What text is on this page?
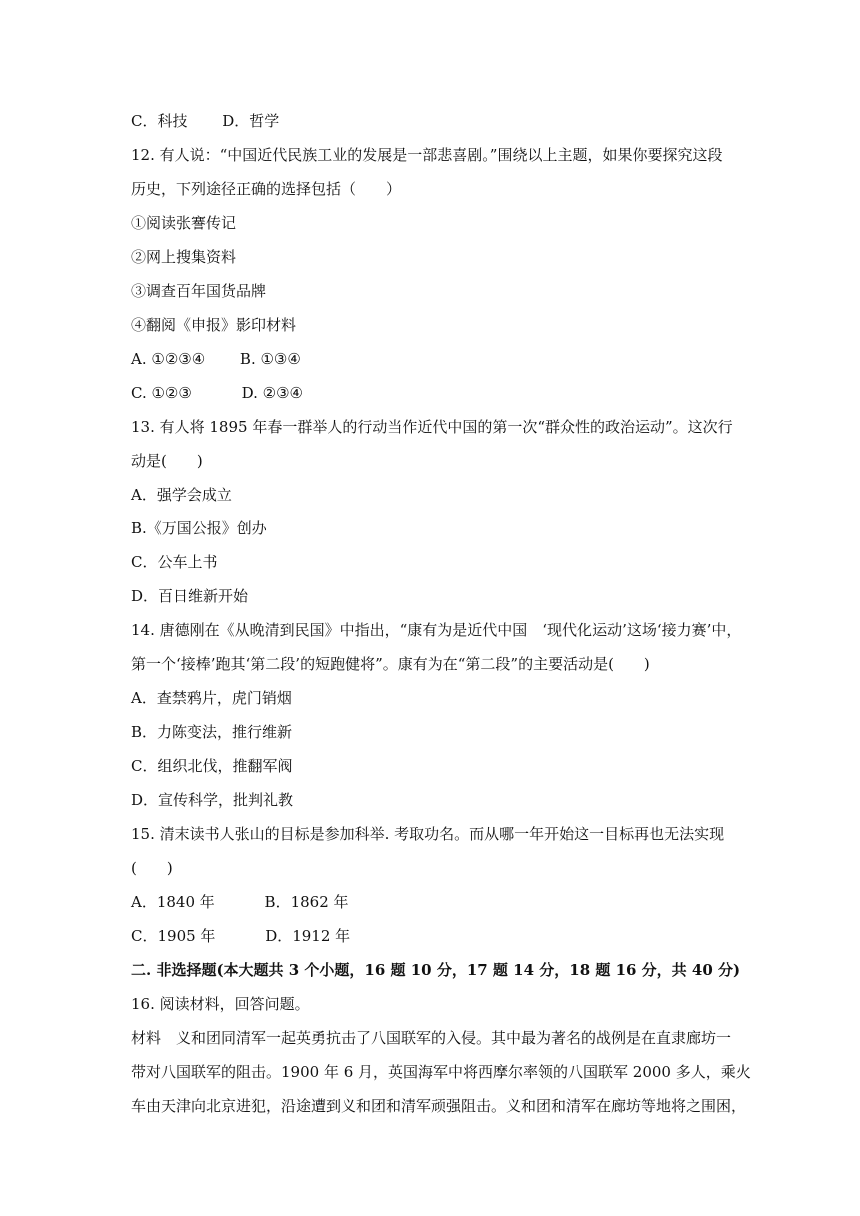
C．科技　　 D．哲学
12. 有人说：“中国近代民族工业的发展是一部悲喜剧。”围绕以上主题，如果你要探究这段
历史，下列途径正确的选择包括（　　）
①阅读张謇传记
②网上搜集资料
③调查百年国货品牌
④翻阅《申报》影印材料
A. ①②③④　　 B. ①③④
C. ①②③　　　 D. ②③④
13. 有人将 1895 年春一群举人的行动当作近代中国的第一次“群众性的政治运动”。这次行
动是(　　)
A．强学会成立
B.《万国公报》创办
C．公车上书
D．百日维新开始
14. 唐德刚在《从晚清到民国》中指出，“康有为是近代中国　‘现代化运动’这场‘接力赛’中，
第一个‘接棒’跑其‘第二段’的短跑健将”。康有为在“第二段”的主要活动是(　　)
A．查禁鸦片，虎门销烟
B．力陈变法，推行维新
C．组织北伐，推翻军阀
D．宣传科学，批判礼教
15. 清末读书人张山的目标是参加科举. 考取功名。而从哪一年开始这一目标再也无法实现
(　　)
A．1840 年　　　 B．1862 年
C．1905 年　　　 D．1912 年
二. 非选择题(本大题共 3 个小题，16 题 10 分，17 题 14 分，18 题 16 分，共 40 分)
16. 阅读材料，回答问题。
材料　义和团同清军一起英勇抗击了八国联军的入侵。其中最为著名的战例是在直隶廊坊一
带对八国联军的阻击。1900 年 6 月，英国海军中将西摩尔率领的八国联军 2000 多人，乘火
车由天津向北京进犯，沿途遭到义和团和清军顽强阻击。义和团和清军在廊坊等地将之围困，
